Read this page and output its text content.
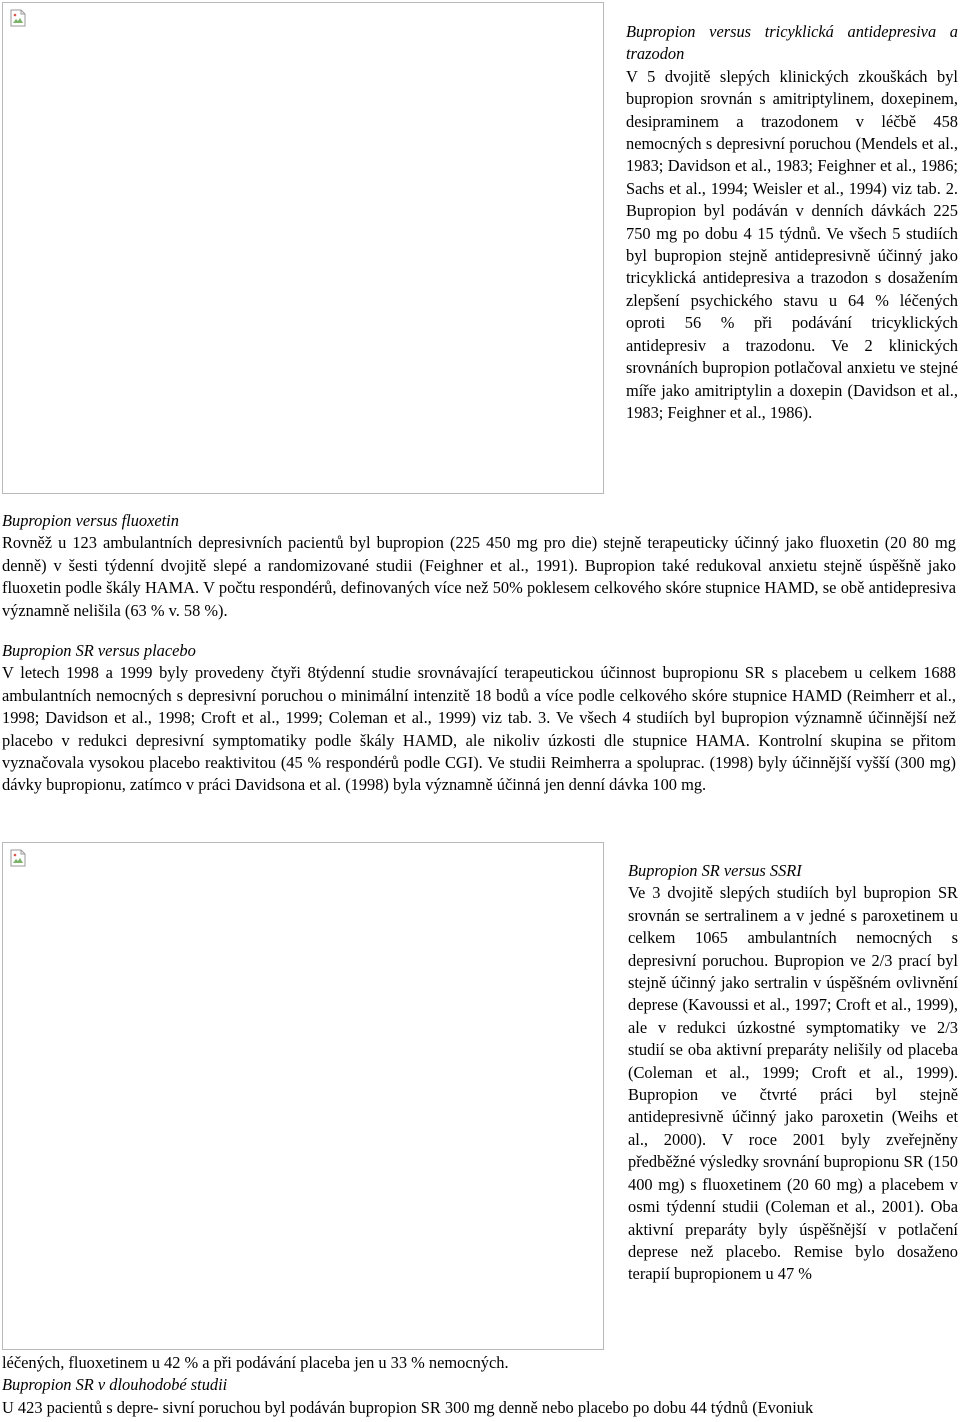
Bupropion versus tricyklická antidepresiva a trazodon

V 5 dvojitě slepých klinických zkouškách byl bupropion srovnán s amitriptylinem, doxepinem, desipraminem a trazodonem v léčbě 458 nemocných s depresivní poruchou (Mendels et al., 1983; Davidson et al., 1983; Feighner et al., 1986; Sachs et al., 1994; Weisler et al., 1994) viz tab. 2. Bupropion byl podáván v denních dávkách 225 750 mg po dobu 4 15 týdnů. Ve všech 5 studiích byl bupropion stejně antidepresivně účinný jako tricyklická antidepresiva a trazodon s dosažením zlepšení psychického stavu u 64 % léčených oproti 56 % při podávání tricyklických antidepresiv a trazodonu. Ve 2 klinických srovnáních bupropion potlačoval anxietu ve stejné míře jako amitriptylin a doxepin (Davidson et al., 1983; Feighner et al., 1986).

Bupropion versus fluoxetin

Rovněž u 123 ambulantních depresivních pacientů byl bupropion (225 450 mg pro die) stejně terapeuticky účinný jako fluoxetin (20 80 mg denně) v šesti týdenní dvojitě slepé a randomizované studii (Feighner et al., 1991). Bupropion také redukoval anxietu stejně úspěšně jako fluoxetin podle škály HAMA. V počtu respondérů, definovaných více než 50% poklesem celkového skóre stupnice HAMD, se obě antidepresiva významně nelišila (63 % v. 58 %).

Bupropion SR versus placebo

V letech 1998 a 1999 byly provedeny čtyři 8týdenní studie srovnávající terapeutickou účinnost bupropionu SR s placebem u celkem 1688 ambulantních nemocných s depresivní poruchou o minimální intenzitě 18 bodů a více podle celkového skóre stupnice HAMD (Reimherr et al., 1998; Davidson et al., 1998; Croft et al., 1999; Coleman et al., 1999) viz tab. 3. Ve všech 4 studiích byl bupropion významně účinnější než placebo v redukci depresivní symptomatiky podle škály HAMD, ale nikoliv úzkosti dle stupnice HAMA. Kontrolní skupina se přitom vyznačovala vysokou placebo reaktivitou (45 % respondérů podle CGI). Ve studii Reimherra a spolupr​ac. (1998) byly účinnější vyšší (300 mg) dávky bupropionu, zatímco v práci Davidsona et al. (1998) byla významně účinná jen denní dávka 100 mg.

Bupropion SR versus SSRI

Ve 3 dvojitě slepých studiích byl bupropion SR srovnán se sertralinem a v jedné s paroxetinem u celkem 1065 ambulantních nemocných s depresivní poruchou. Bupropion ve 2/3 prací byl stejně účinný jako sertralin v úspěšném ovlivnění deprese (Kavoussi et al., 1997; Croft et al., 1999), ale v redukci úzkostné symptomatiky ve 2/3 studií se oba aktivní preparáty nelišily od placeba (Coleman et al., 1999; Croft et al., 1999). Bupropion ve čtvrté práci byl stejně antidepresivně účinný jako paroxetin (Weihs et al., 2000). V roce 2001 byly zveřejněny předběžné výsledky srovnání bupropionu SR (150 400 mg) s fluoxetinem (20 60 mg) a placebem v osmi týdenní studii (Coleman et al., 2001). Oba aktivní preparáty byly úspěšnější v potlačení deprese než placebo. Remise bylo dosaženo terapií bupropionem u 47 %

léčených, fluoxetinem u 42 % a při podávání placeba jen u 33 % nemocných.

Bupropion SR v dlouhodobé studii

U 423 pacientů s depre- sivní poruchou byl podáván bupropion SR 300 mg denně nebo placebo po dobu 44 týdnů (Evoniuk
